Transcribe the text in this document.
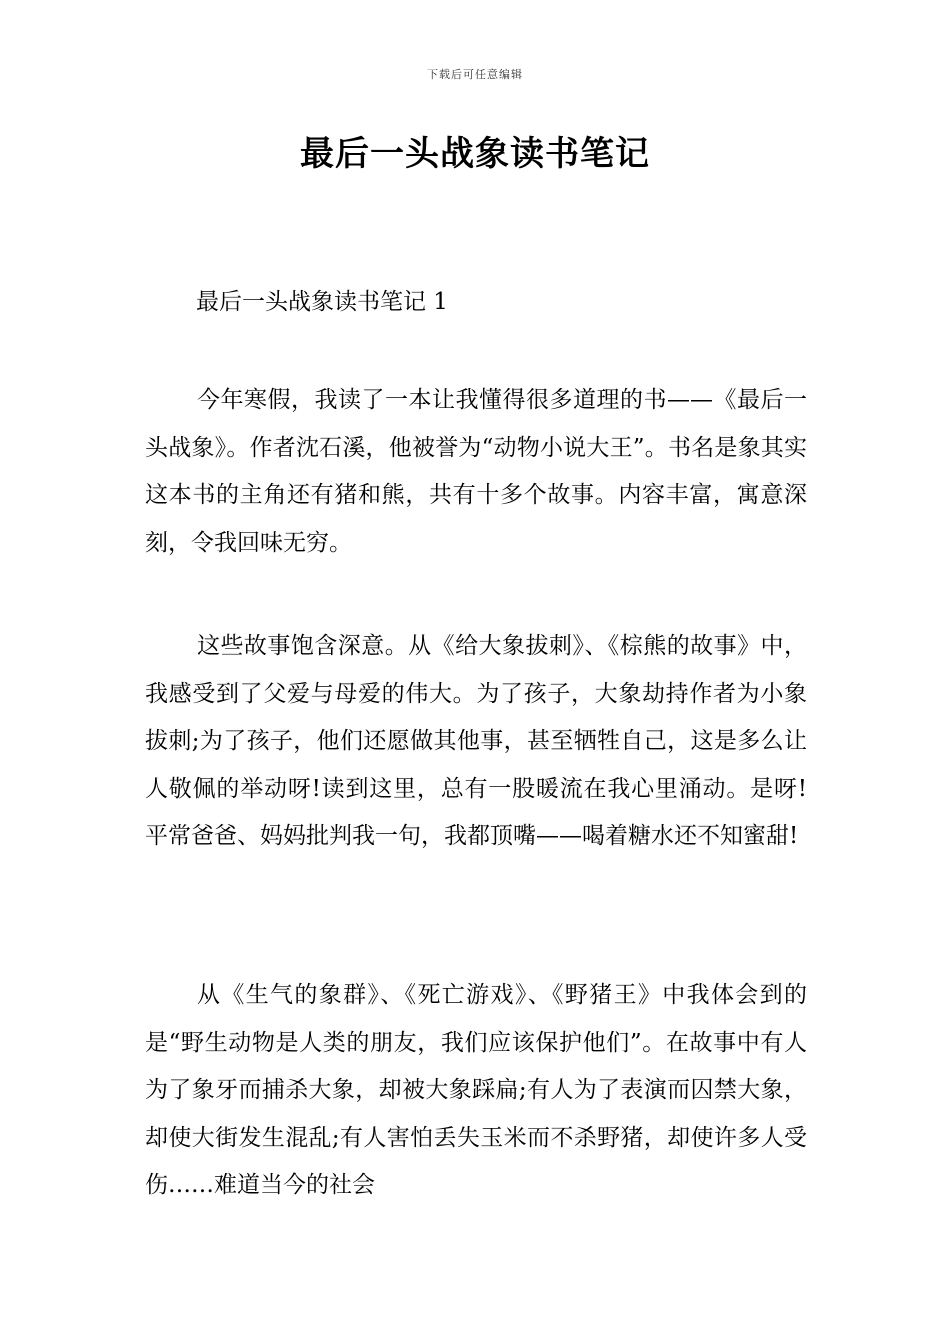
下载后可任意编辑
最后一头战象读书笔记
最后一头战象读书笔记 1

今年寒假，我读了一本让我懂得很多道理的书——《最后一头战象》。作者沈石溪，他被誉为“动物小说大王”。书名是象其实这本书的主角还有猪和熊，共有十多个故事。内容丰富，寓意深刻，令我回味无穷。

这些故事饱含深意。从《给大象拔刺》、《棕熊的故事》中，我感受到了父爱与母爱的伟大。为了孩子，大象劫持作者为小象拔刺;为了孩子，他们还愿做其他事，甚至牺牲自己，这是多么让人敬佩的举动呀!读到这里，总有一股暖流在我心里涌动。是呀!平常爸爸、妈妈批判我一句，我都顶嘴——喝着糖水还不知蜜甜!

从《生气的象群》、《死亡游戏》、《野猪王》中我体会到的是“野生动物是人类的朋友，我们应该保护他们”。在故事中有人为了象牙而捕杀大象，却被大象踩扁;有人为了表演而囚禁大象，却使大街发生混乱;有人害怕丢失玉米而不杀野猪，却使许多人受伤……难道当今的社会
